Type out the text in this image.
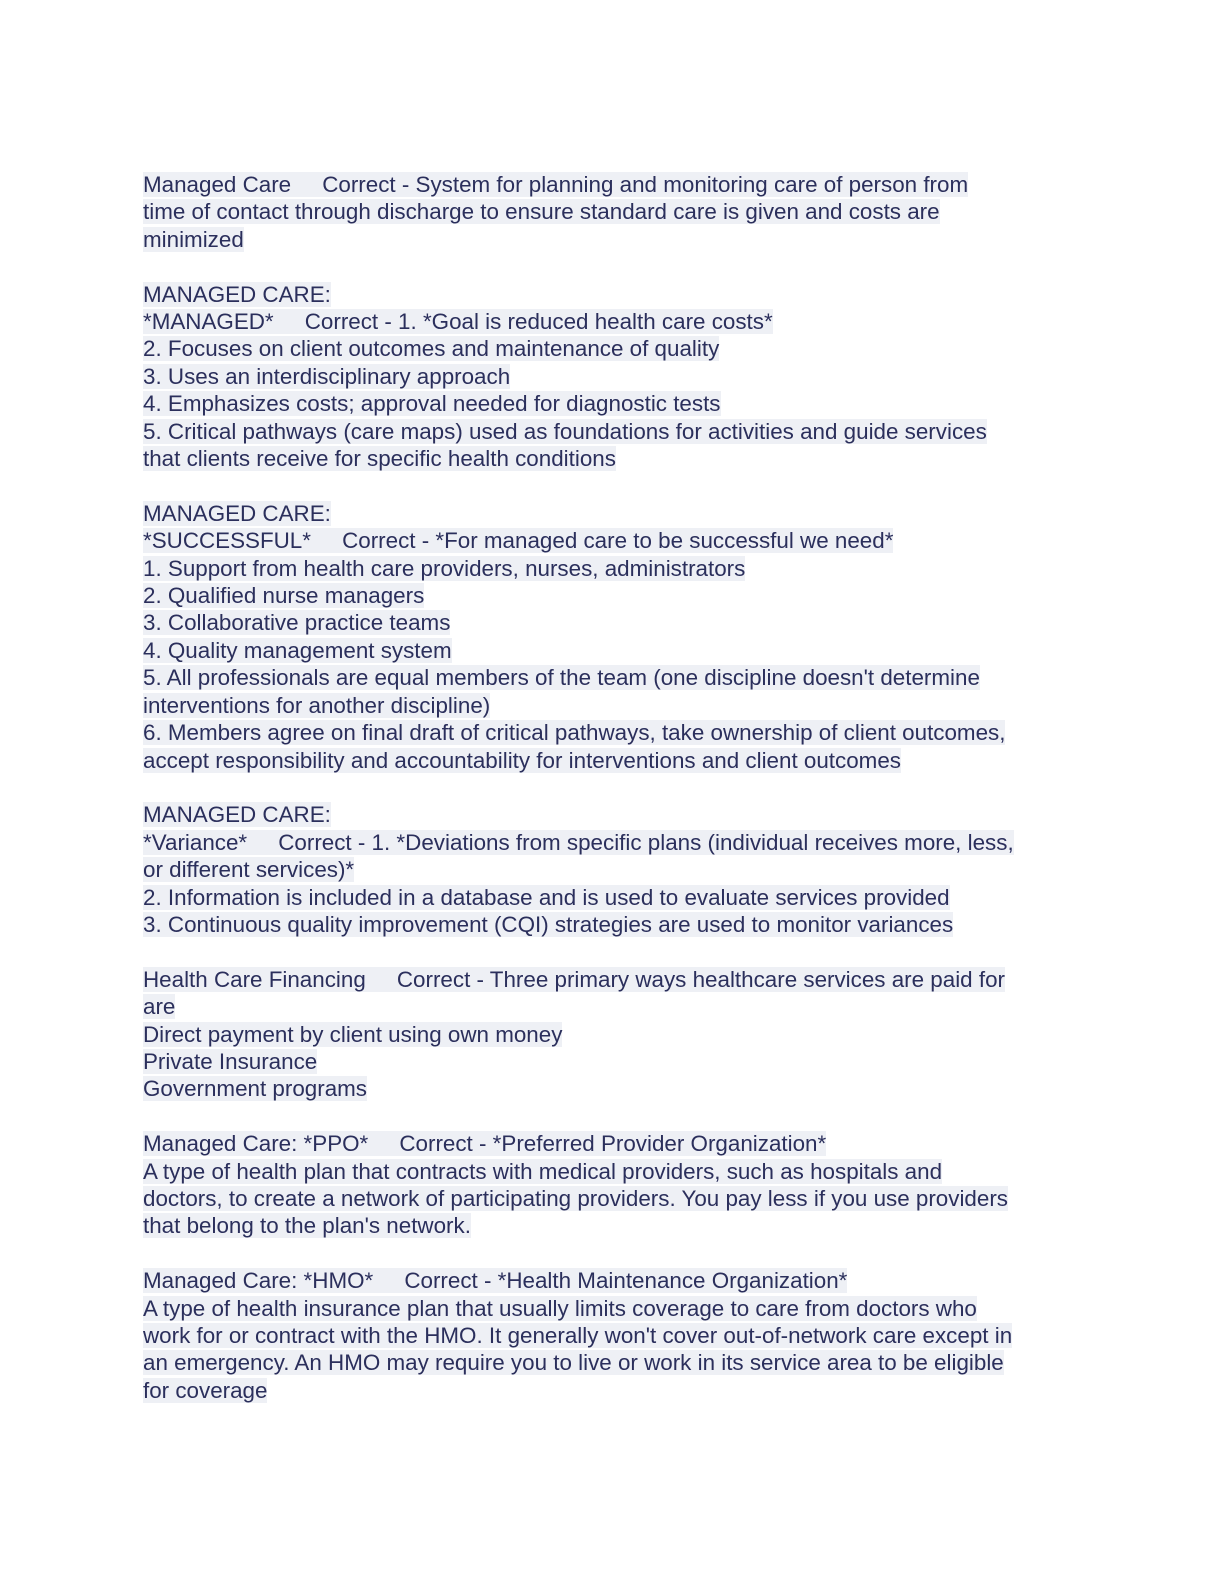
Managed Care     Correct - System for planning and monitoring care of person from
time of contact through discharge to ensure standard care is given and costs are
minimized
MANAGED CARE:
*MANAGED*     Correct - 1. *Goal is reduced health care costs*
2. Focuses on client outcomes and maintenance of quality
3. Uses an interdisciplinary approach
4. Emphasizes costs; approval needed for diagnostic tests
5. Critical pathways (care maps) used as foundations for activities and guide services
that clients receive for specific health conditions
MANAGED CARE:
*SUCCESSFUL*     Correct - *For managed care to be successful we need*
1. Support from health care providers, nurses, administrators
2. Qualified nurse managers
3. Collaborative practice teams
4. Quality management system
5. All professionals are equal members of the team (one discipline doesn't determine
interventions for another discipline)
6. Members agree on final draft of critical pathways, take ownership of client outcomes,
accept responsibility and accountability for interventions and client outcomes
MANAGED CARE:
*Variance*     Correct - 1. *Deviations from specific plans (individual receives more, less,
or different services)*
2. Information is included in a database and is used to evaluate services provided
3. Continuous quality improvement (CQI) strategies are used to monitor variances
Health Care Financing     Correct - Three primary ways healthcare services are paid for
are
Direct payment by client using own money
Private Insurance
Government programs
Managed Care: *PPO*     Correct - *Preferred Provider Organization*
A type of health plan that contracts with medical providers, such as hospitals and
doctors, to create a network of participating providers. You pay less if you use providers
that belong to the plan's network.
Managed Care: *HMO*     Correct - *Health Maintenance Organization*
A type of health insurance plan that usually limits coverage to care from doctors who
work for or contract with the HMO. It generally won't cover out-of-network care except in
an emergency. An HMO may require you to live or work in its service area to be eligible
for coverage
